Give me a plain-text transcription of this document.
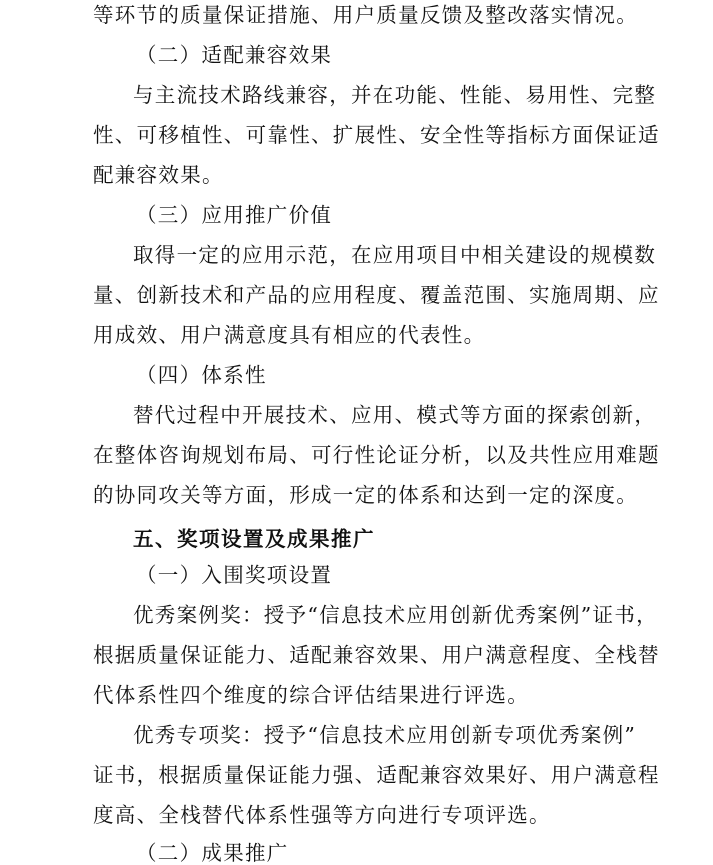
等环节的质量保证措施、用户质量反馈及整改落实情况。
（二）适配兼容效果
与主流技术路线兼容，并在功能、性能、易用性、完整
性、可移植性、可靠性、扩展性、安全性等指标方面保证适
配兼容效果。
（三）应用推广价值
取得一定的应用示范，在应用项目中相关建设的规模数
量、创新技术和产品的应用程度、覆盖范围、实施周期、应
用成效、用户满意度具有相应的代表性。
（四）体系性
替代过程中开展技术、应用、模式等方面的探索创新，
在整体咨询规划布局、可行性论证分析，以及共性应用难题
的协同攻关等方面，形成一定的体系和达到一定的深度。
五、奖项设置及成果推广
（一）入围奖项设置
优秀案例奖：授予“信息技术应用创新优秀案例”证书，
根据质量保证能力、适配兼容效果、用户满意程度、全栈替
代体系性四个维度的综合评估结果进行评选。
优秀专项奖：授予“信息技术应用创新专项优秀案例”
证书，根据质量保证能力强、适配兼容效果好、用户满意程
度高、全栈替代体系性强等方向进行专项评选。
（二）成果推广
